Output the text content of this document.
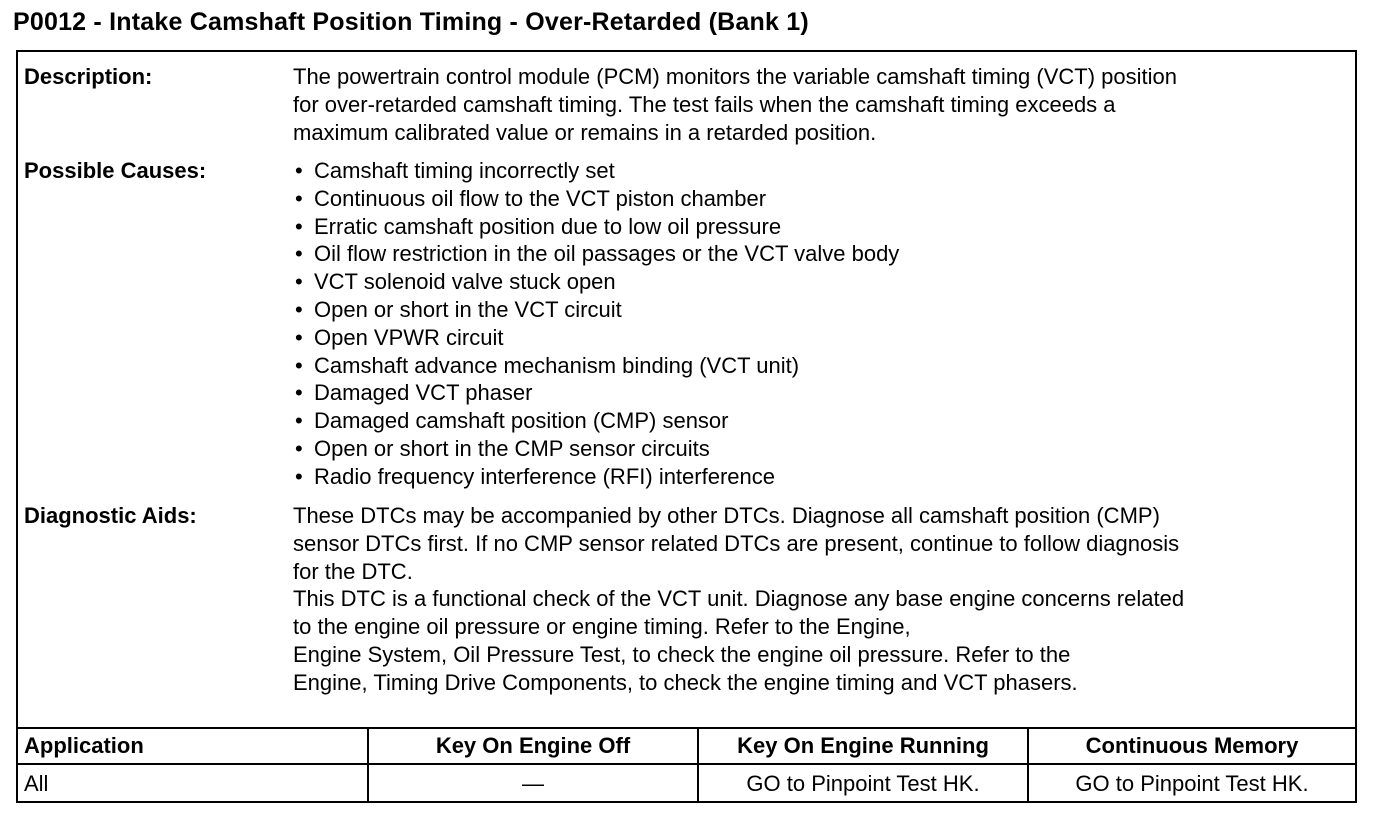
P0012 - Intake Camshaft Position Timing - Over-Retarded (Bank 1)
Description:	The powertrain control module (PCM) monitors the variable camshaft timing (VCT) position

for over-retarded camshaft timing. The test fails when the camshaft timing exceeds a

maximum calibrated value or remains in a retarded position.

Possible Causes:	• Camshaft timing incorrectly set
• Continuous oil flow to the VCT piston chamber
• Erratic camshaft position due to low oil pressure
• Oil flow restriction in the oil passages or the VCT valve body
• VCT solenoid valve stuck open
• Open or short in the VCT circuit
• Open VPWR circuit
• Camshaft advance mechanism binding (VCT unit)
• Damaged VCT phaser
• Damaged camshaft position (CMP) sensor
• Open or short in the CMP sensor circuits
• Radio frequency interference (RFI) interference
Diagnostic Aids:	These DTCs may be accompanied by other DTCs. Diagnose all camshaft position (CMP)

sensor DTCs first. If no CMP sensor related DTCs are present, continue to follow diagnosis

for the DTC.

This DTC is a functional check of the VCT unit. Diagnose any base engine concerns related

to the engine oil pressure or engine timing. Refer to the Engine,

Engine System, Oil Pressure Test, to check the engine oil pressure. Refer to the

Engine, Timing Drive Components, to check the engine timing and VCT phasers.

Application	Key On Engine Off	Key On Engine Running	Continuous Memory
All	—	GO to Pinpoint Test HK.	GO to Pinpoint Test HK.
